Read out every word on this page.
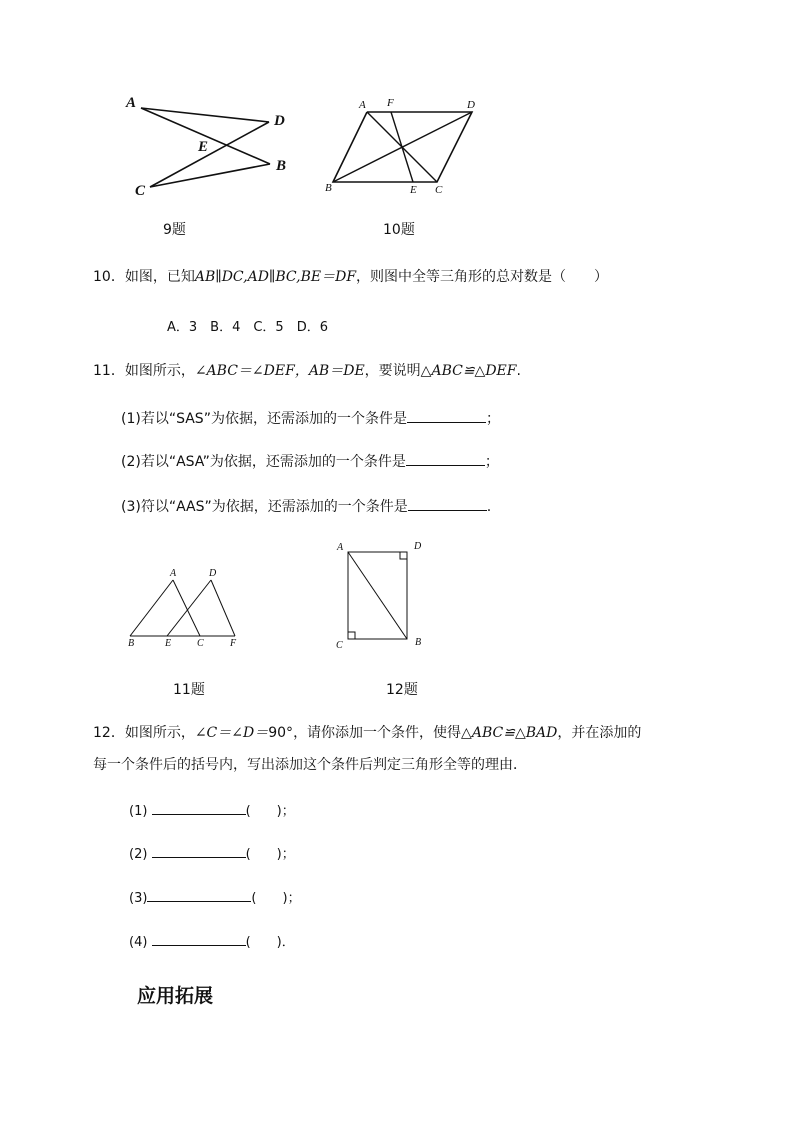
A
D
E
B
C
9题
A F	D
B	E C
10题
10．如图，已知AB∥DC,AD∥BC,BE＝DF，则图中全等三角形的总对数是（　　）
A．3　B．4　C．5　D．6
11．如图所示，∠ABC＝∠DEF，AB＝DE，要说明△ABC≌△DEF.
(1)若以“SAS”为依据，还需添加的一个条件是	；
(2)若以“ASA”为依据，还需添加的一个条件是	；
(3)符以“AAS”为依据，还需添加的一个条件是	.
A	D
B	E	C	F
11题
A	D
C	B
12题
12．如图所示，∠C＝∠D＝90°，请你添加一个条件，使得△ABC≌△BAD，并在添加的
每一个条件后的括号内，写出添加这个条件后判定三角形全等的理由．
(1)	(　　)；
(2)	(　　)；
(3)	(　　)；
(4)	(　　)．
应用拓展
